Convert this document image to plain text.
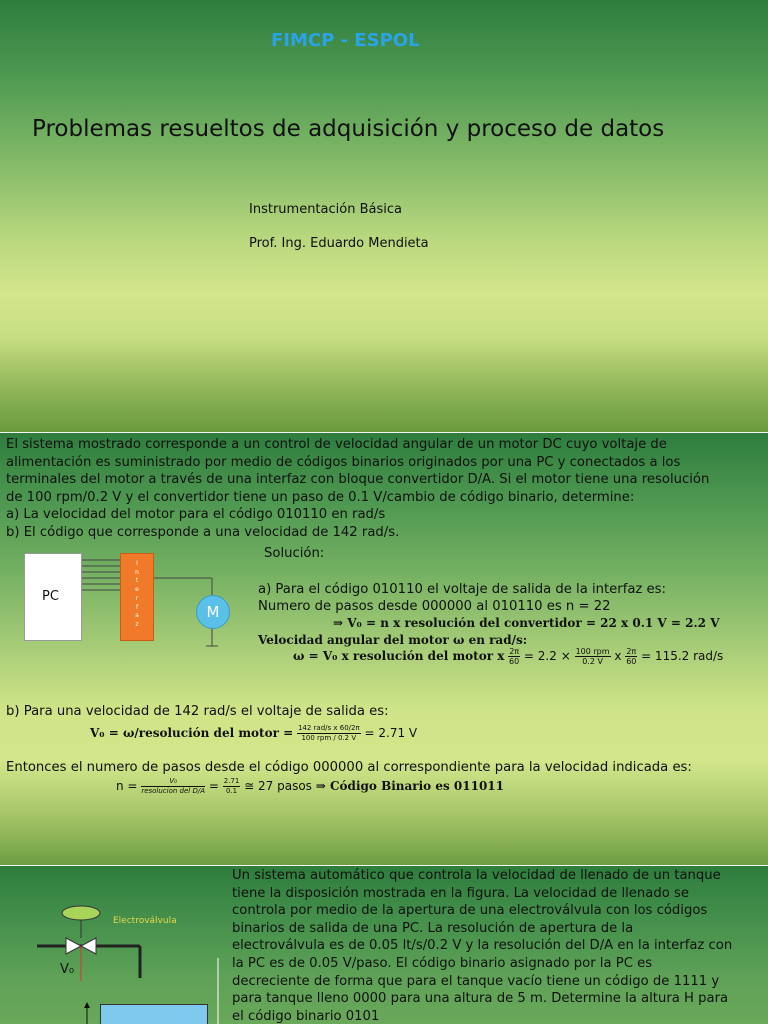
FIMCP - ESPOL
Problemas resueltos de adquisición y proceso de datos
Instrumentación Básica
Prof. Ing. Eduardo Mendieta
El sistema mostrado corresponde a un control de velocidad angular de un motor DC cuyo voltaje de
alimentación es suministrado por medio de códigos binarios originados por una PC y conectados a los
terminales del motor a través de una interfaz con bloque convertidor D/A. Si el motor tiene una resolución
de 100 rpm/0.2 V y el convertidor tiene un paso de 0.1 V/cambio de código binario, determine:
a) La velocidad del motor para el código 010110 en rad/s
b) El código que corresponde a una velocidad de 142 rad/s.
PC
I
n
t
e
r
f
a
z
M
Solución:
a) Para el código 010110 el voltaje de salida de la interfaz es:
Numero de pasos desde 000000 al 010110 es n = 22
⇒ V₀ = n x resolución del convertidor = 22 x 0.1 V = 2.2 V
Velocidad angular del motor ω en rad/s:
ω = V₀ x resolución del motor x $\frac{2\pi}{60} = 2.2 \times \frac{\text{100 rpm}}{0.2 V}$ x $\frac{2\pi}{60} = 115.2$ rad/s
b) Para una velocidad de 142 rad/s el voltaje de salida es:
V₀ = ω/resolución del motor = $\frac{\text{142 rad/s x 60/2π}}{\text{100 rpm / 0.2 V}} = 2.71$ V
Entonces el numero de pasos desde el código 000000 al correspondiente para la velocidad indicada es:
$n = \frac{\text{V₀}}{\text{resolucion del D/A}} = \frac{2.71}{0.1}$ ≅ 27 pasos ⇒ Código Binario es 011011
Electroválvula
V₀
Un sistema automático que controla la velocidad de llenado de un tanque
tiene la disposición mostrada en la figura. La velocidad de llenado se
controla por medio de la apertura de una electroválvula con los códigos
binarios de salida de una PC. La resolución de apertura de la
electroválvula es de 0.05 lt/s/0.2 V y la resolución del D/A en la interfaz con
la PC es de 0.05 V/paso. El código binario asignado por la PC es
decreciente de forma que para el tanque vacío tiene un código de 1111 y
para tanque lleno 0000 para una altura de 5 m. Determine la altura H para
el código binario 0101
